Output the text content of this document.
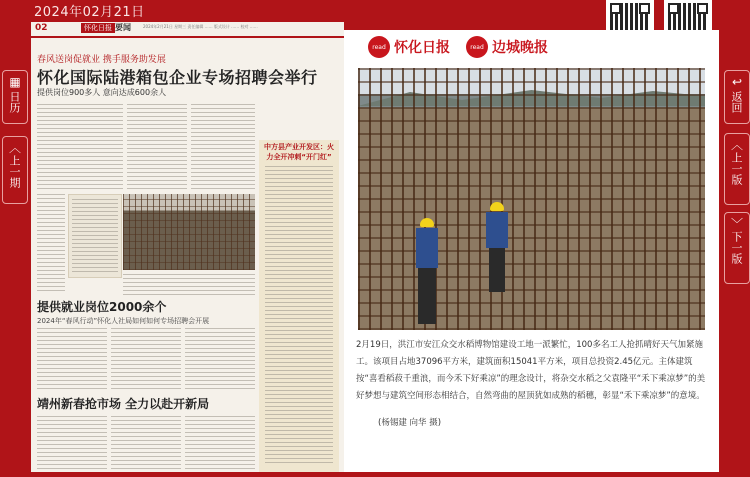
2024年02月21日
▦
日历
︿
上一期
↩
返回
︿
上一版
﹀
下一版
02	怀化日报 要闻	2024年2月21日 星期三 责任编辑 …… 版式设计 …… 校对 ……
春风送岗促就业 携手服务助发展
怀化国际陆港箱包企业专场招聘会举行
提供岗位900多人 意向达成600余人
中方县产业开发区：火力全开冲刺“开门红”
提供就业岗位2000余个
2024年“春风行动”怀化人社局如何如何专场招聘会开展
靖州新春抢市场 全力以赴开新局
read 怀化日报	read 边城晚报
2月19日，洪江市安江众交水稻博物馆建设工地一派繁忙，100多名工人抢抓晴好天气加紧施工。该项目占地37096平方米，建筑面积15041平方米，项目总投资2.45亿元。主体建筑按“喜看稻菽千重浪，而今禾下好乘凉”的理念设计，将杂交水稻之父袁隆平“禾下乘凉梦”的美好梦想与建筑空间形态相结合，自然弯曲的屋顶犹如成熟的稻穗，彰显“禾下乘凉梦”的意境。
(杨锡建 向华 摄)	美篇
